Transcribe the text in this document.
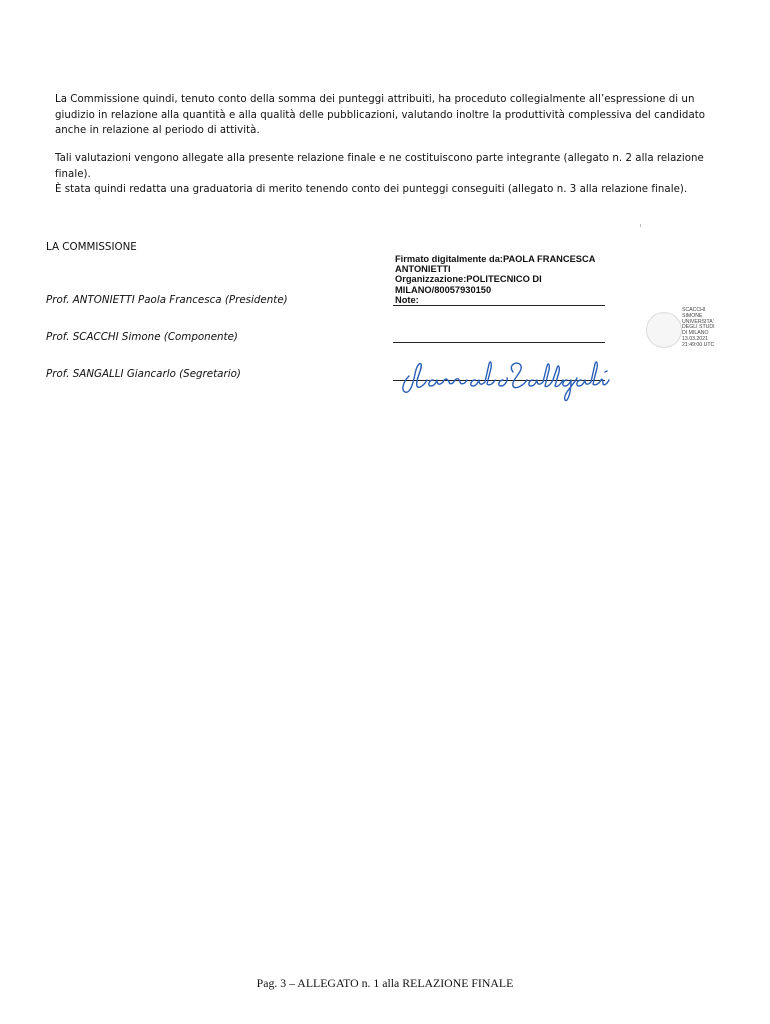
La Commissione quindi, tenuto conto della somma dei punteggi attribuiti, ha proceduto collegialmente all’espressione di un giudizio in relazione alla quantità e alla qualità delle pubblicazioni, valutando inoltre la produttività complessiva del candidato anche in relazione al periodo di attività.

Tali valutazioni vengono allegate alla presente relazione finale e ne costituiscono parte integrante (allegato n. 2 alla relazione finale).

È stata quindi redatta una graduatoria di merito tenendo conto dei punteggi conseguiti (allegato n. 3 alla relazione finale).

LA COMMISSIONE
Prof. ANTONIETTI Paola Francesca (Presidente)
Prof. SCACCHI Simone (Componente)
Prof. SANGALLI Giancarlo (Segretario)
Firmato digitalmente da:PAOLA FRANCESCA
ANTONIETTI
Organizzazione:POLITECNICO DI
MILANO/80057930150
Note:
SCACCHI
SIMONE
UNIVERSITA'
DEGLI STUDI
DI MILANO
13.03.2021
21:49:00 UTC
Pag. 3 – ALLEGATO n. 1 alla RELAZIONE FINALE
